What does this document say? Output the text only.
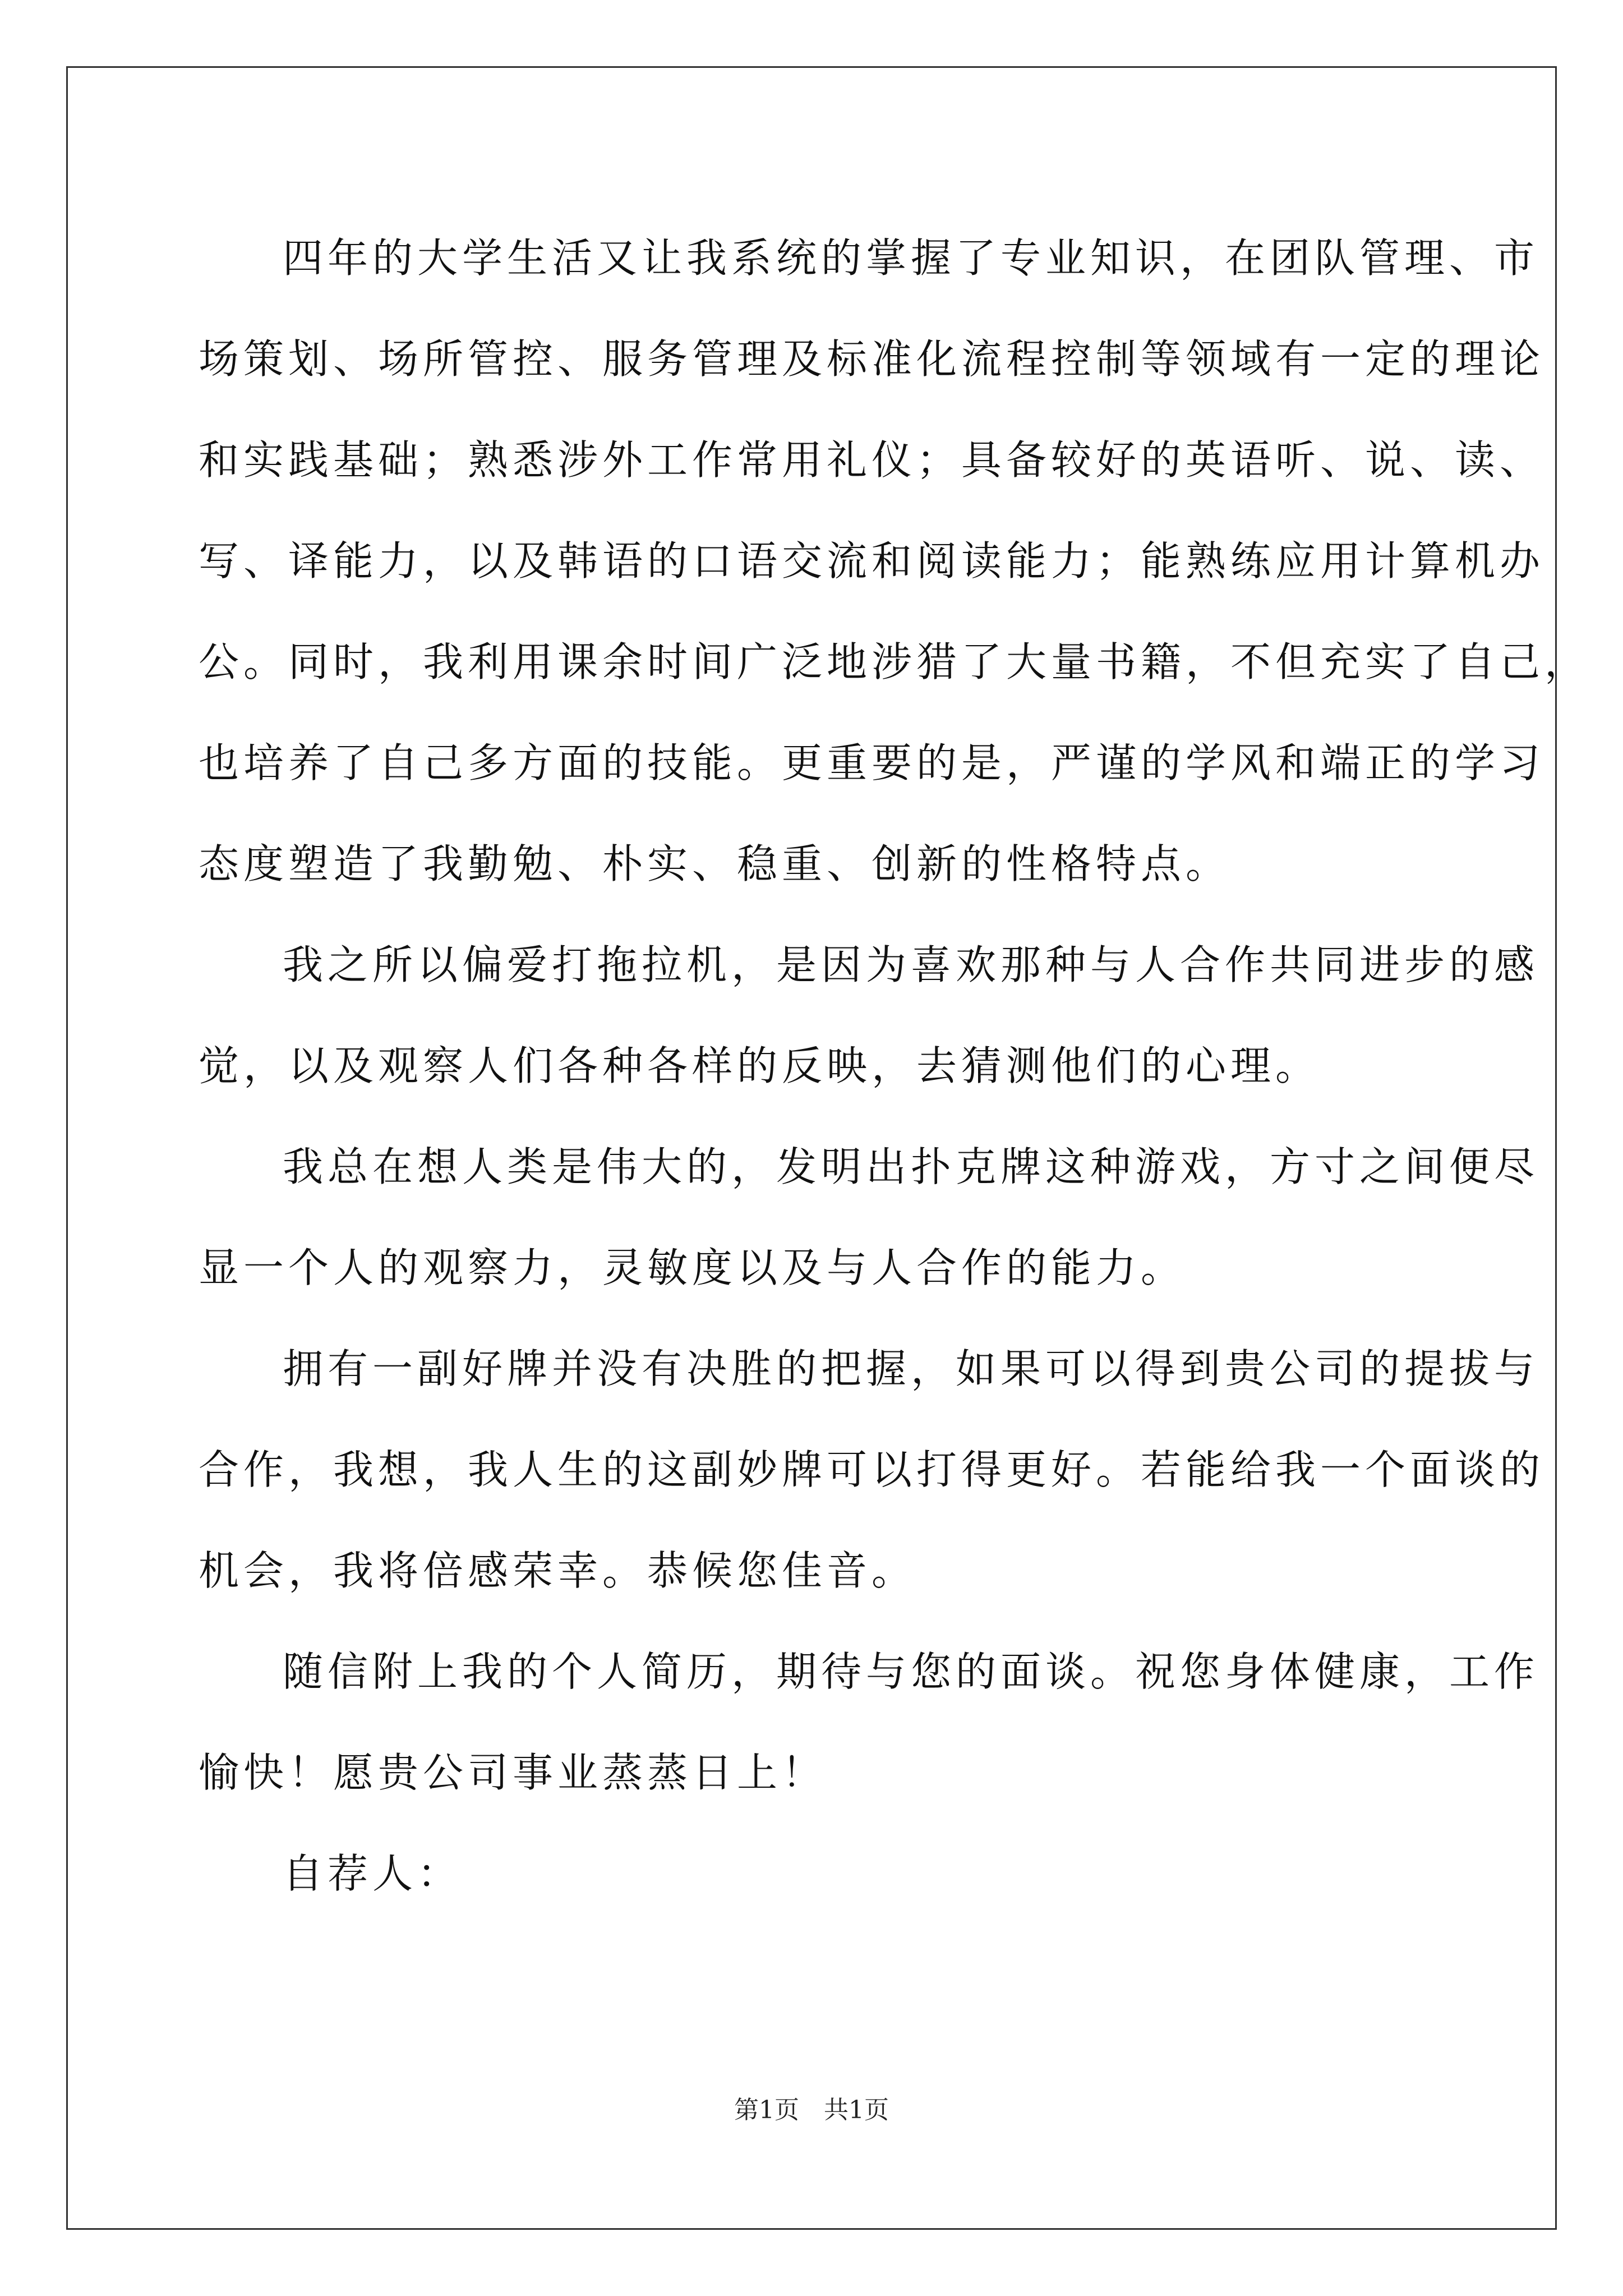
四年的大学生活又让我系统的掌握了专业知识，在团队管理、市
场策划、场所管控、服务管理及标准化流程控制等领域有一定的理论
和实践基础；熟悉涉外工作常用礼仪；具备较好的英语听、说、读、
写、译能力，以及韩语的口语交流和阅读能力；能熟练应用计算机办
公。同时，我利用课余时间广泛地涉猎了大量书籍，不但充实了自己，
也培养了自己多方面的技能。更重要的是，严谨的学风和端正的学习
态度塑造了我勤勉、朴实、稳重、创新的性格特点。
我之所以偏爱打拖拉机，是因为喜欢那种与人合作共同进步的感
觉，以及观察人们各种各样的反映，去猜测他们的心理。
我总在想人类是伟大的，发明出扑克牌这种游戏，方寸之间便尽
显一个人的观察力，灵敏度以及与人合作的能力。
拥有一副好牌并没有决胜的把握，如果可以得到贵公司的提拔与
合作，我想，我人生的这副妙牌可以打得更好。若能给我一个面谈的
机会，我将倍感荣幸。恭候您佳音。
随信附上我的个人简历，期待与您的面谈。祝您身体健康，工作
愉快！愿贵公司事业蒸蒸日上！
自荐人：
第1页 共1页
